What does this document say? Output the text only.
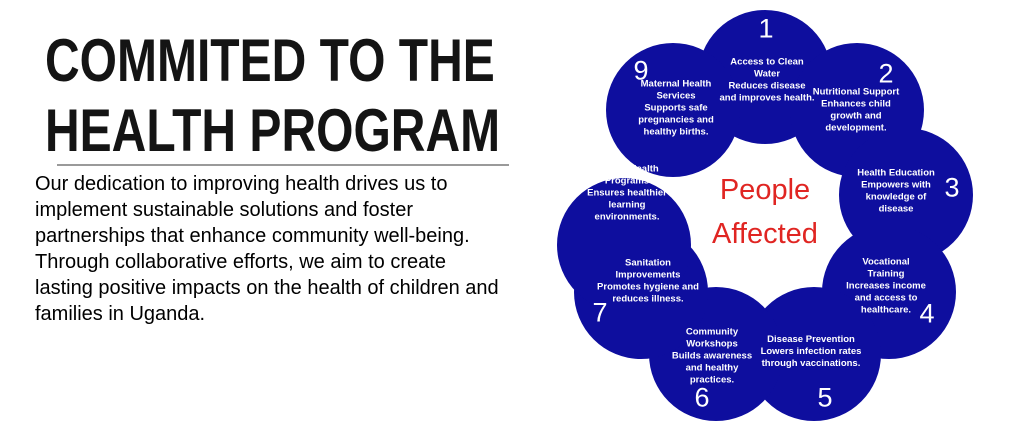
COMMITED TO THE HEALTH PROGRAM

Our dedication to improving health drives us to implement sustainable solutions and foster partnerships that enhance community well-being. Through collaborative efforts, we aim to create lasting positive impacts on the health of children and families in Uganda.

1
2
3
4
5
6
7
8
9	Access to Clean Water
Reduces disease and improves health.
Nutritional Support
Enhances child growth and development.
Health Education
Empowers with knowledge of disease
Vocational Training
Increases income and access to healthcare.
Disease Prevention
Lowers infection rates through vaccinations.
Community Workshops
Builds awareness and healthy practices.
Sanitation Improvements
Promotes hygiene and reduces illness.
School Health Programs
Ensures healthier learning environments.
Maternal Health Services
Supports safe pregnancies and healthy births.
People Affected
